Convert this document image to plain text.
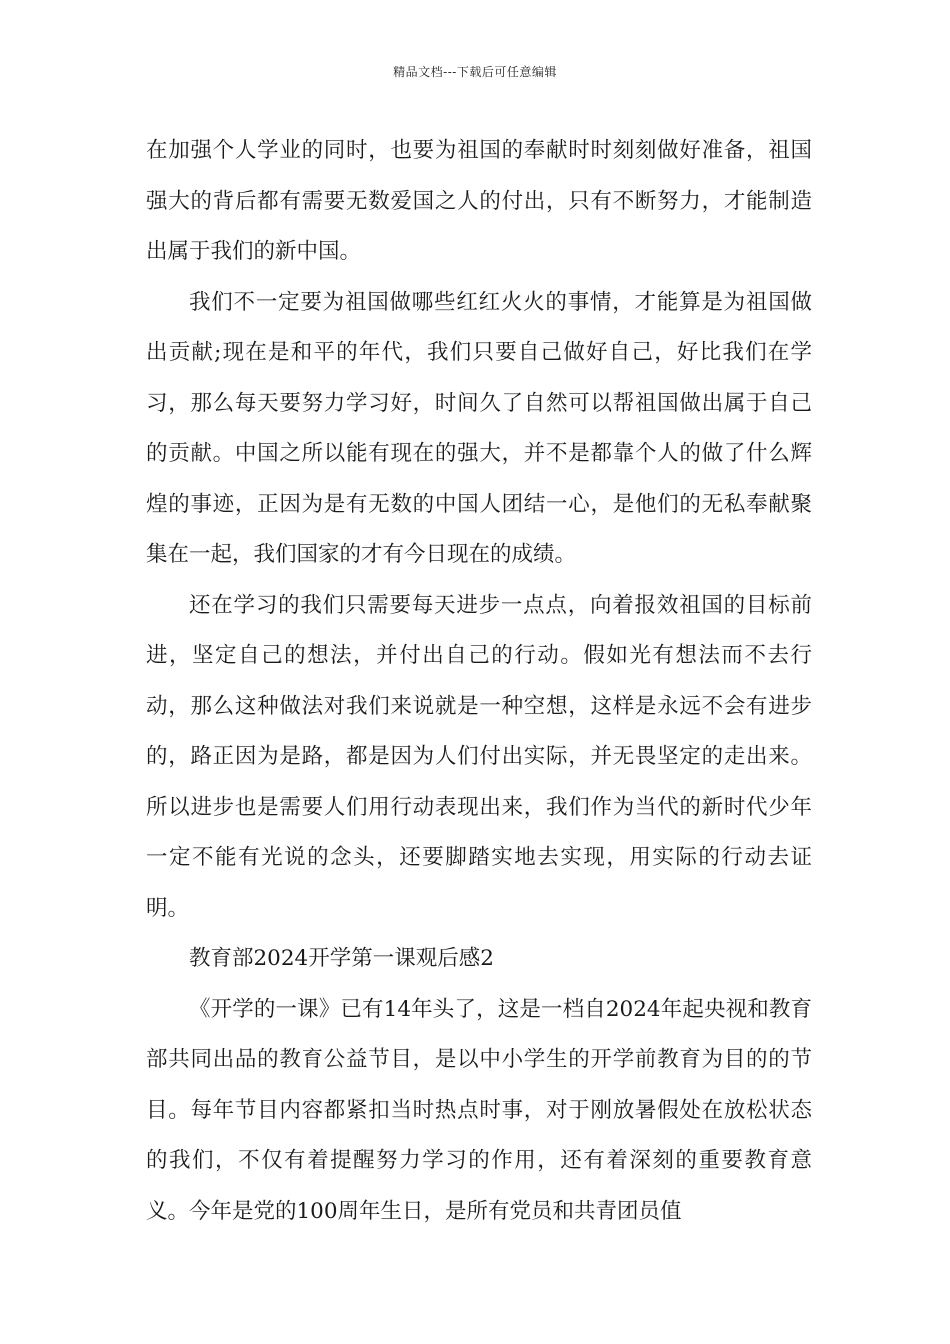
精品文档---下载后可任意编辑

在加强个人学业的同时，也要为祖国的奉献时时刻刻做好准备，祖国强大的背后都有需要无数爱国之人的付出，只有不断努力，才能制造出属于我们的新中国。

我们不一定要为祖国做哪些红红火火的事情，才能算是为祖国做出贡献;现在是和平的年代，我们只要自己做好自己，好比我们在学习，那么每天要努力学习好，时间久了自然可以帮祖国做出属于自己的贡献。中国之所以能有现在的强大，并不是都靠个人的做了什么辉煌的事迹，正因为是有无数的中国人团结一心，是他们的无私奉献聚集在一起，我们国家的才有今日现在的成绩。

还在学习的我们只需要每天进步一点点，向着报效祖国的目标前进，坚定自己的想法，并付出自己的行动。假如光有想法而不去行动，那么这种做法对我们来说就是一种空想，这样是永远不会有进步的，路正因为是路，都是因为人们付出实际，并无畏坚定的走出来。所以进步也是需要人们用行动表现出来，我们作为当代的新时代少年一定不能有光说的念头，还要脚踏实地去实现，用实际的行动去证明。

教育部2024开学第一课观后感2

《开学的一课》已有14年头了，这是一档自2024年起央视和教育部共同出品的教育公益节目，是以中小学生的开学前教育为目的的节目。每年节目内容都紧扣当时热点时事，对于刚放暑假处在放松状态的我们，不仅有着提醒努力学习的作用，还有着深刻的重要教育意义。今年是党的100周年生日，是所有党员和共青团员值
